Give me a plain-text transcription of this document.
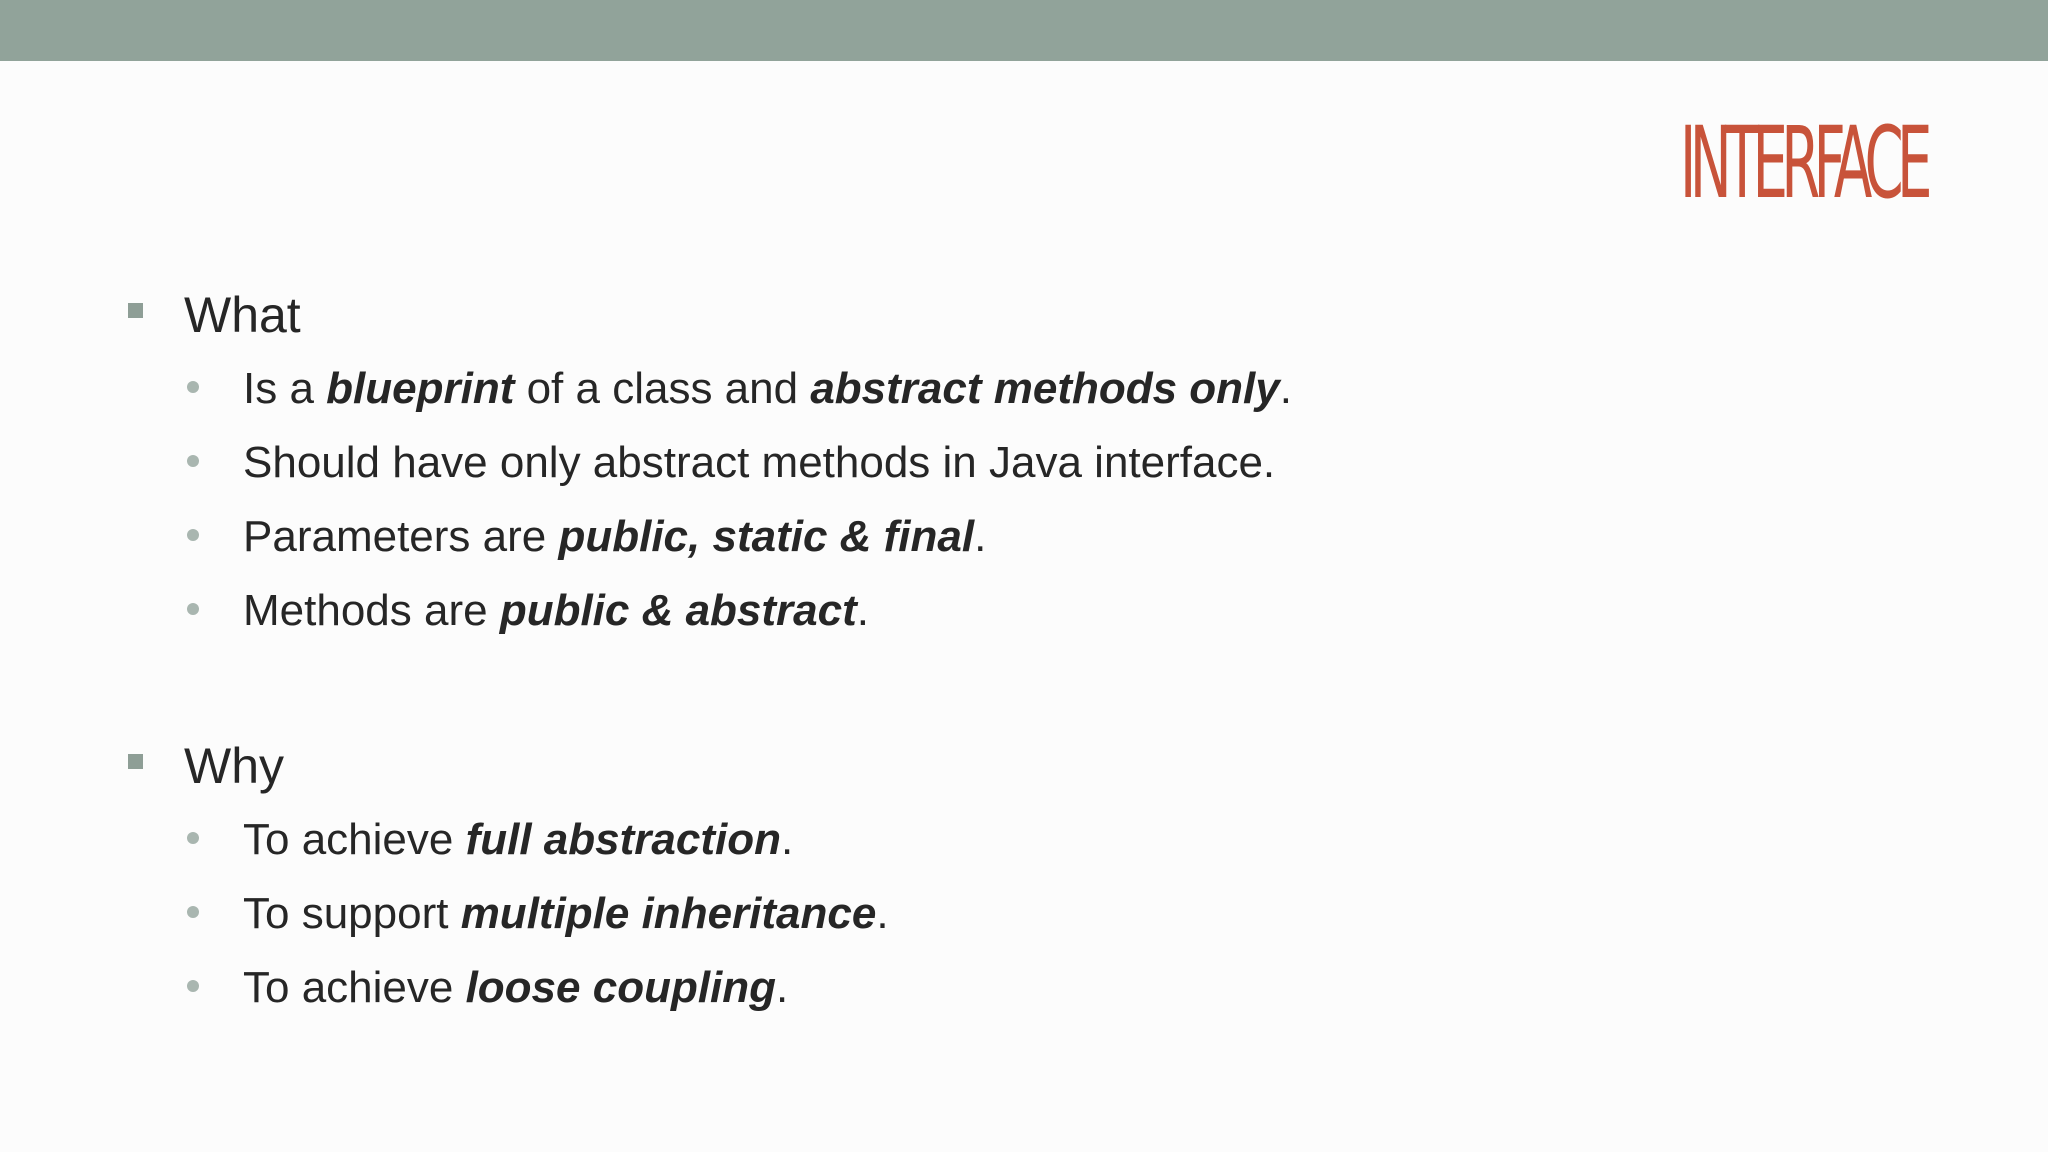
INTERFACE
What
Is a blueprint of a class and abstract methods only.
Should have only abstract methods in Java interface.
Parameters are public, static & final.
Methods are public & abstract.
Why
To achieve full abstraction.
To support multiple inheritance.
To achieve loose coupling.
